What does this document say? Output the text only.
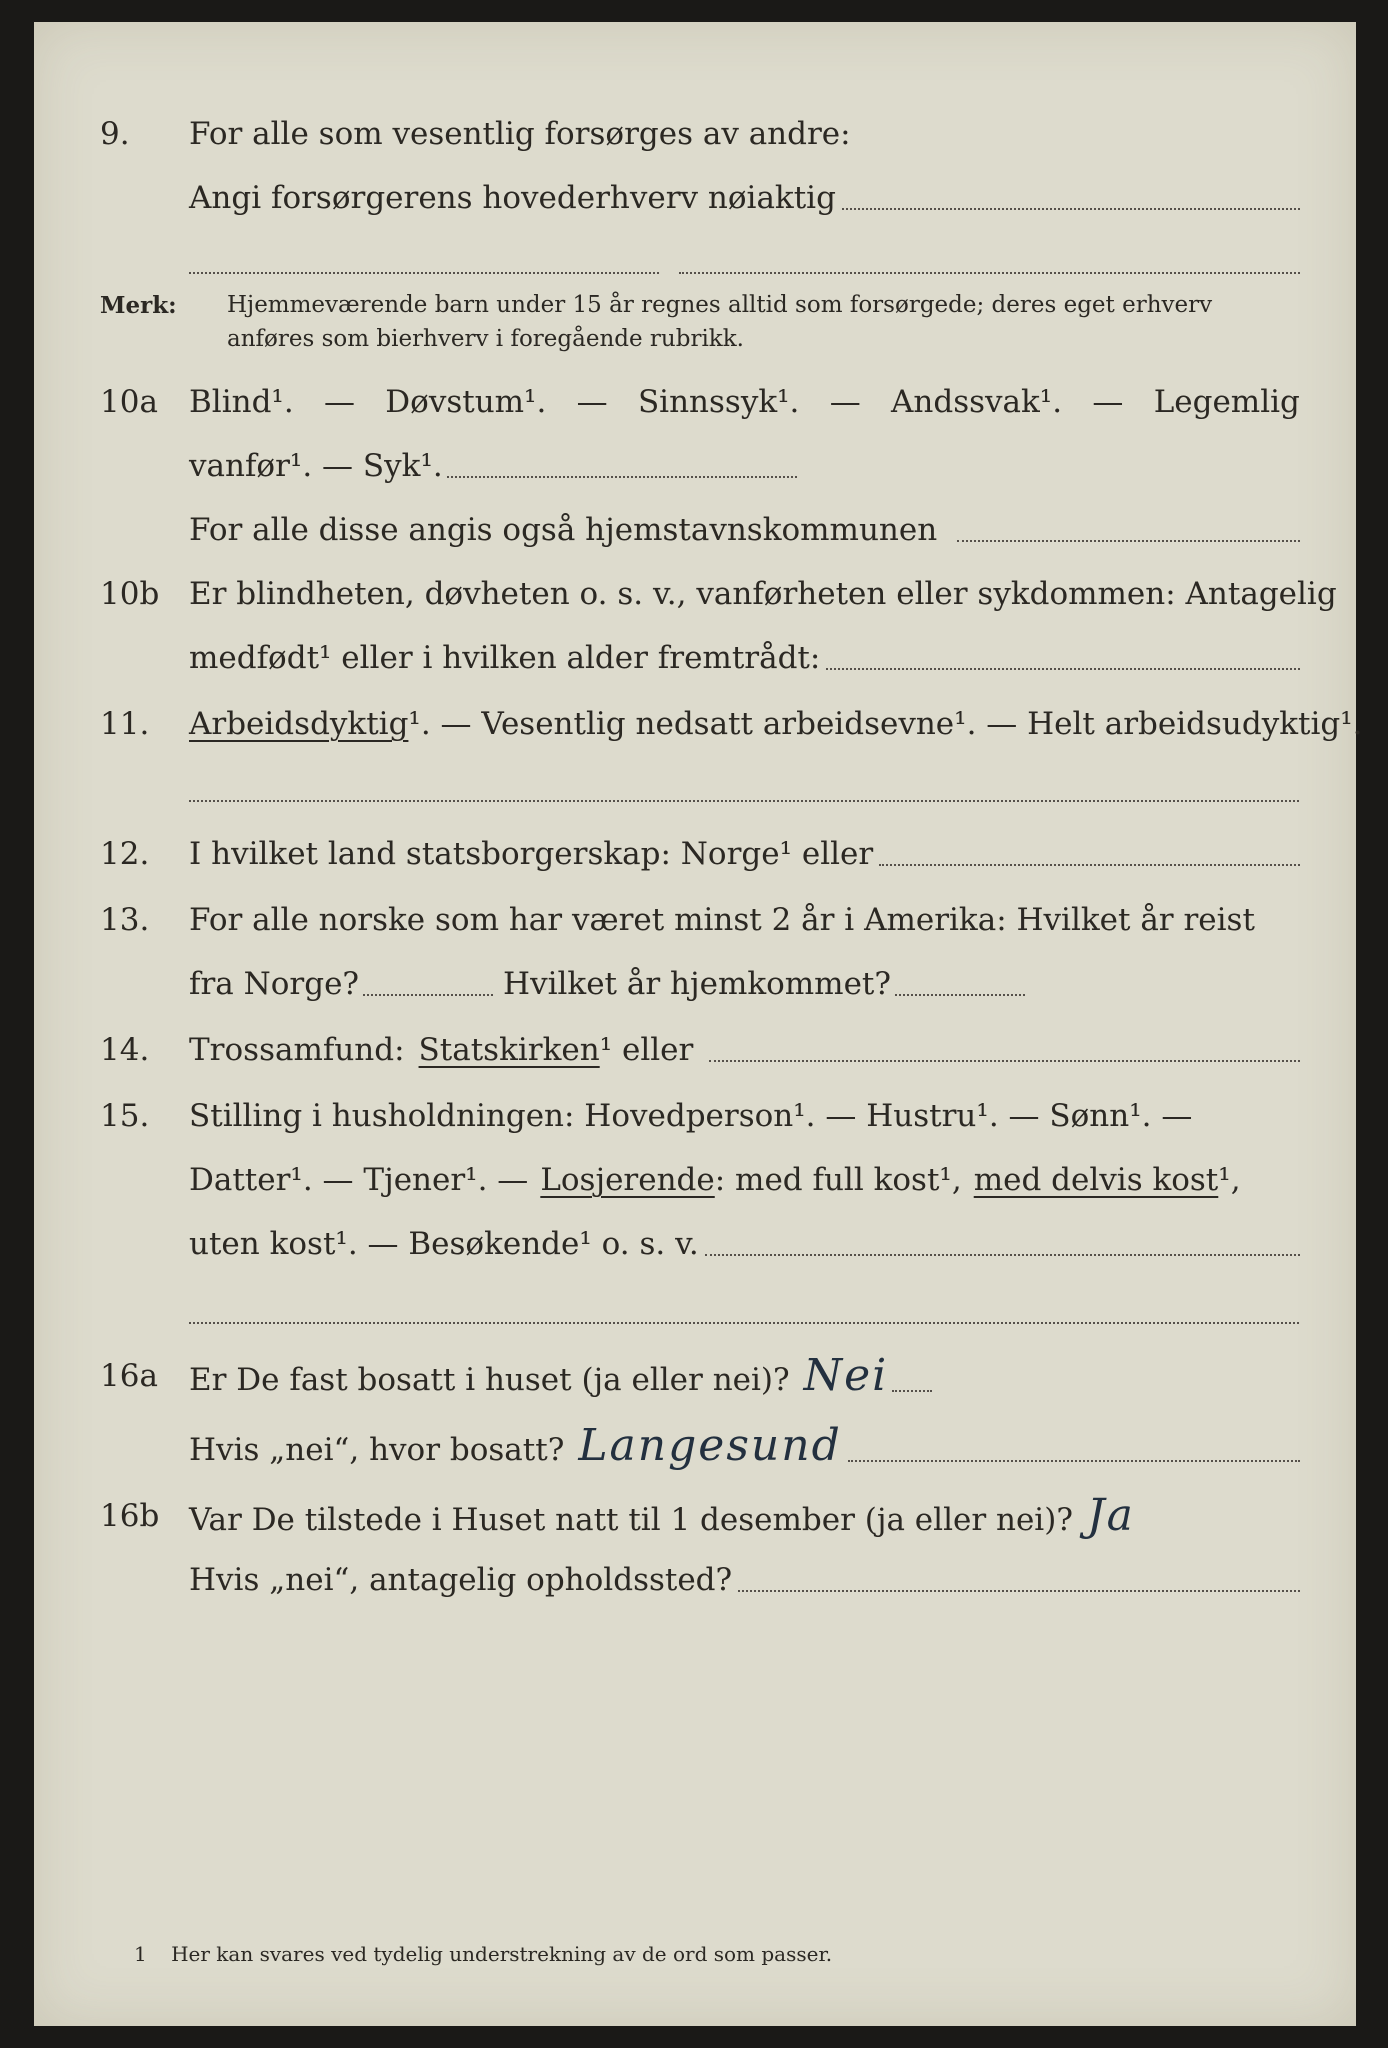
9. For alle som vesentlig forsørges av andre:
Angi forsørgerens hovederhverv nøiaktig
Merk: Hjemmeværende barn under 15 år regnes alltid som forsørgede; deres eget erhverv anføres som bierhverv i foregående rubrikk.
10a Blind¹. — Døvstum¹. — Sinnssyk¹. — Andssvak¹. — Legemlig
vanfør¹. — Syk¹.
For alle disse angis også hjemstavnskommunen
10b Er blindheten, døvheten o. s. v., vanførheten eller sykdommen: Antagelig
medfødt¹ eller i hvilken alder fremtrådt:
11. Arbeidsdyktig ¹. — Vesentlig nedsatt arbeidsevne¹. — Helt arbeidsudyktig¹.
12. I hvilket land statsborgerskap: Norge¹ eller
13. For alle norske som har været minst 2 år i Amerika: Hvilket år reist
fra Norge?	Hvilket år hjemkommet?
14. Trossamfund: Statskirken ¹ eller
15. Stilling i husholdningen: Hovedperson¹. — Hustru¹. — Sønn¹. —
Datter¹. — Tjener¹. — Losjerende : med full kost¹, med delvis kost ¹,
uten kost¹. — Besøkende¹ o. s. v.
16a Er De fast bosatt i huset (ja eller nei)? Nei
Hvis „nei“, hvor bosatt? Langesund
16b Var De tilstede i Huset natt til 1 desember (ja eller nei)? Ja
Hvis „nei“, antagelig opholdssted?
1 Her kan svares ved tydelig understrekning av de ord som passer.
